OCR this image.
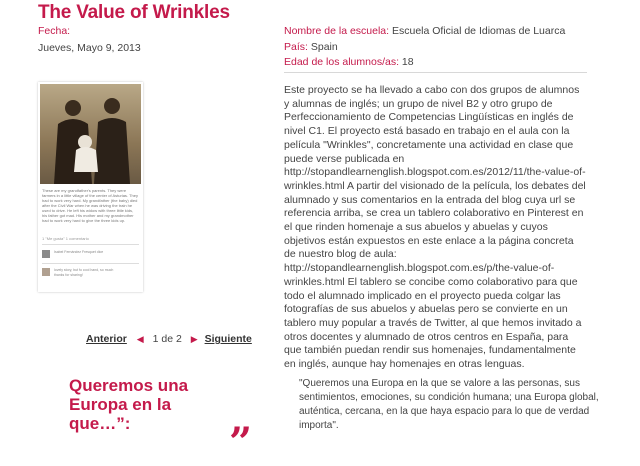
The Value of Wrinkles
Fecha:
Jueves, Mayo 9, 2013
Nombre de la escuela: Escuela Oficial de Idiomas de Luarca
País: Spain
Edad de los alumnos/as: 18
These are my grandfather's parents. They were farmers in a little village of the center of Asturias. They had to work very hard. My grandfather (the baby) died after the Civil War when he was driving the train he used to drive. He left his widow with three little kids, his father got mad. His mother and my grandmother had to work very hard to give the three kids up.
1 "Me gusta" 1 comentario
Isabel Fernández Fresquet dice
lovely story, but fo cool hand, so much thanks for sharing!

Este proyecto se ha llevado a cabo con dos grupos de alumnos y alumnas de inglés; un grupo de nivel B2 y otro grupo de Perfeccionamiento de Competencias Lingüísticas en inglés de nivel C1. El proyecto está basado en trabajo en el aula con la película "Wrinkles", concretamente una actividad en clase que puede verse publicada en http://stopandlearnenglish.blogspot.com.es/2012/11/the-value-of-wrinkles.html A partir del visionado de la película, los debates del alumnado y sus comentarios en la entrada del blog cuya url se referencia arriba, se crea un tablero colaborativo en Pinterest en el que rinden homenaje a sus abuelos y abuelas y cuyos objetivos están expuestos en este enlace a la página concreta de nuestro blog de aula: http://stopandlearnenglish.blogspot.com.es/p/the-value-of-wrinkles.html El tablero se concibe como colaborativo para que todo el alumnado implicado en el proyecto pueda colgar las fotografías de sus abuelos y abuelas pero se convierte en un tablero muy popular a través de Twitter, al que hemos invitado a otros docentes y alumnado de otros centros en España, para que también puedan rendir sus homenajes, fundamentalmente en inglés, aunque hay homenajes en otras lenguas.

Anterior ◀ 1 de 2 ▶ Siguiente
Queremos una Europa en la que…”:	”

"Queremos una Europa en la que se valore a las personas, sus sentimientos, emociones, su condición humana; una Europa global, auténtica, cercana, en la que haya espacio para lo que de verdad importa".
